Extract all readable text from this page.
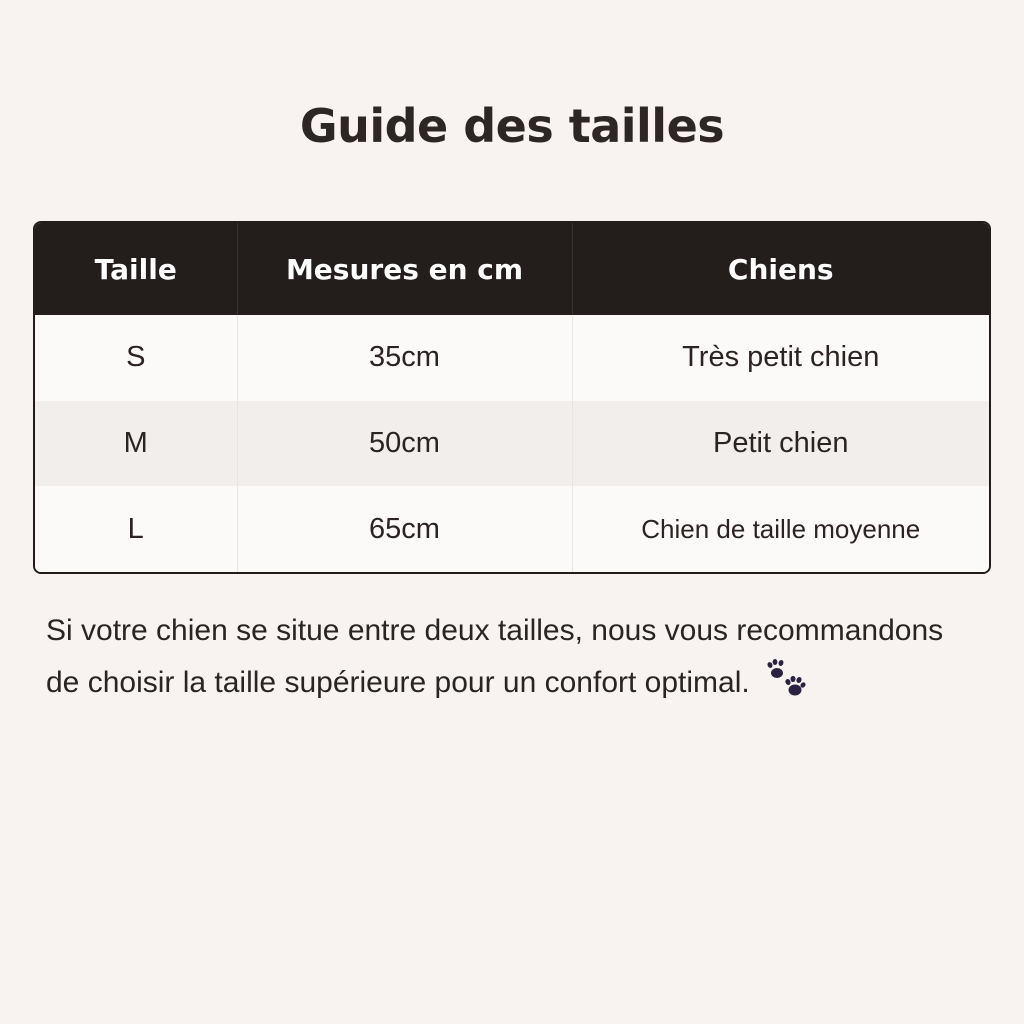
Guide des tailles
Taille	Mesures en cm	Chiens
S	35cm	Très petit chien
M	50cm	Petit chien
L	65cm	Chien de taille moyenne

Si votre chien se situe entre deux tailles, nous vous recommandons de choisir la taille supérieure pour un confort optimal.
